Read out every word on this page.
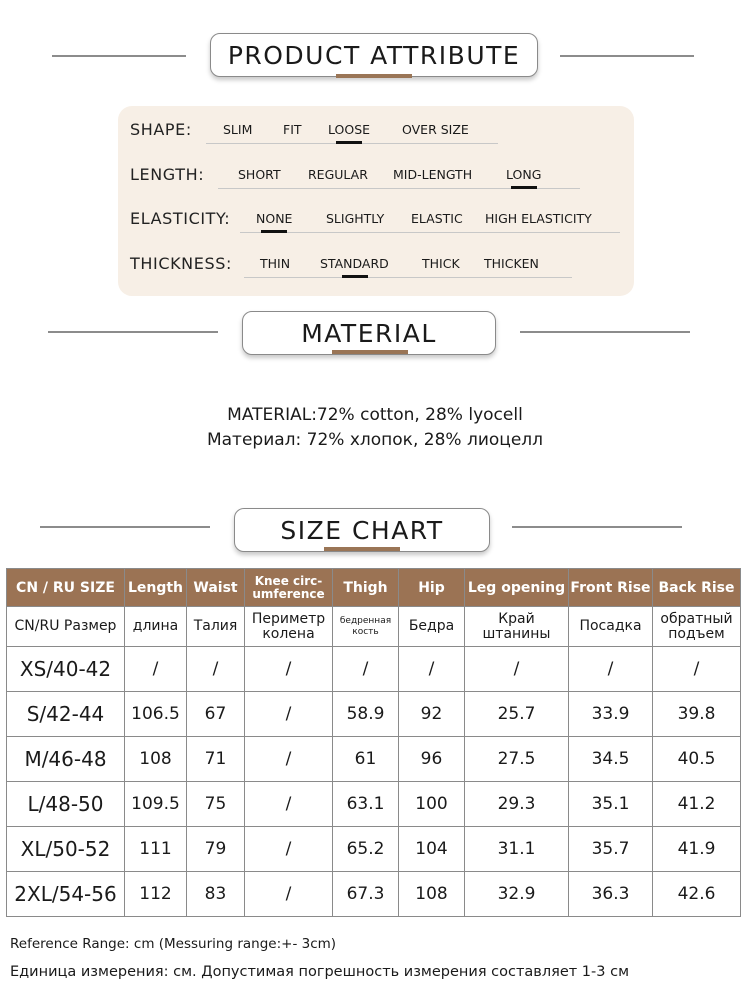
PRODUCT ATTRIBUTE
SHAPE: SLIM FIT LOOSE	OVER SIZE
LENGTH:	SHORT REGULAR MID-LENGTH	LONG
ELASTICITY: NONE	SLIGHTLY ELASTIC HIGH ELASTICITY
THICKNESS: THIN STANDARD	THICK THICKEN
MATERIAL
MATERIAL:72% cotton, 28% lyocell
Материал: 72% хлопок, 28% лиоцелл
SIZE CHART
CN / RU SIZE	Length	Waist	Knee circ-umference	Thigh	Hip	Leg opening	Front Rise	Back Rise
CN/RU Размер	длина	Талия	Периметр колена	бедренная кость	Бедра	Край штанины	Посадка	обратный подъем
XS/40-42	/	/	/	/	/	/	/	/
S/42-44	106.5	67	/	58.9	92	25.7	33.9	39.8
M/46-48	108	71	/	61	96	27.5	34.5	40.5
L/48-50	109.5	75	/	63.1	100	29.3	35.1	41.2
XL/50-52	111	79	/	65.2	104	31.1	35.7	41.9
2XL/54-56	112	83	/	67.3	108	32.9	36.3	42.6
Reference Range: cm (Messuring range:+- 3cm)
Единица измерения: см. Допустимая погрешность измерения составляет 1-3 см
